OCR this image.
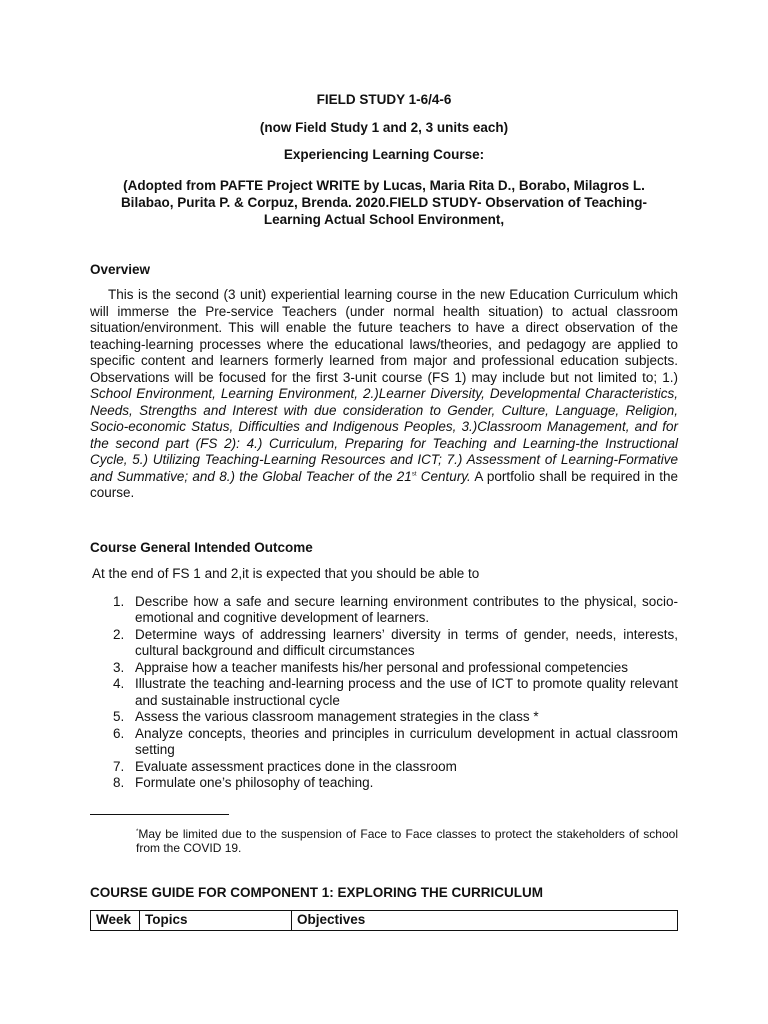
FIELD STUDY 1-6/4-6

(now Field Study 1 and 2, 3 units each)

Experiencing Learning Course:

(Adopted from PAFTE Project WRITE by Lucas, Maria Rita D., Borabo, Milagros L. Bilabao, Purita P. & Corpuz, Brenda. 2020.FIELD STUDY- Observation of Teaching-Learning Actual School Environment,

Overview

This is the second (3 unit) experiential learning course in the new Education Curriculum which will immerse the Pre-service Teachers (under normal health situation) to actual classroom situation/environment. This will enable the future teachers to have a direct observation of the teaching-learning processes where the educational laws/theories, and pedagogy are applied to specific content and learners formerly learned from major and professional education subjects. Observations will be focused for the first 3-unit course (FS 1) may include but not limited to; 1.) School Environment, Learning Environment, 2.)Learner Diversity, Developmental Characteristics, Needs, Strengths and Interest with due consideration to Gender, Culture, Language, Religion, Socio-economic Status, Difficulties and Indigenous Peoples, 3.)Classroom Management, and for the second part (FS 2): 4.) Curriculum, Preparing for Teaching and Learning-the Instructional Cycle, 5.) Utilizing Teaching-Learning Resources and ICT; 7.) Assessment of Learning-Formative and Summative; and 8.) the Global Teacher of the 21st Century. A portfolio shall be required in the course.

Course General Intended Outcome

At the end of FS 1 and 2,it is expected that you should be able to

1. Describe how a safe and secure learning environment contributes to the physical, socio-emotional and cognitive development of learners.
2. Determine ways of addressing learners’ diversity in terms of gender, needs, interests, cultural background and difficult circumstances
3. Appraise how a teacher manifests his/her personal and professional competencies
4. Illustrate the teaching and-learning process and the use of ICT to promote quality relevant and sustainable instructional cycle
5. Assess the various classroom management strategies in the class *
6. Analyze concepts, theories and principles in curriculum development in actual classroom setting
7. Evaluate assessment practices done in the classroom
8. Formulate one’s philosophy of teaching.

*May be limited due to the suspension of Face to Face classes to protect the stakeholders of school from the COVID 19.

COURSE GUIDE FOR COMPONENT 1: EXPLORING THE CURRICULUM

Week	Topics	Objectives
